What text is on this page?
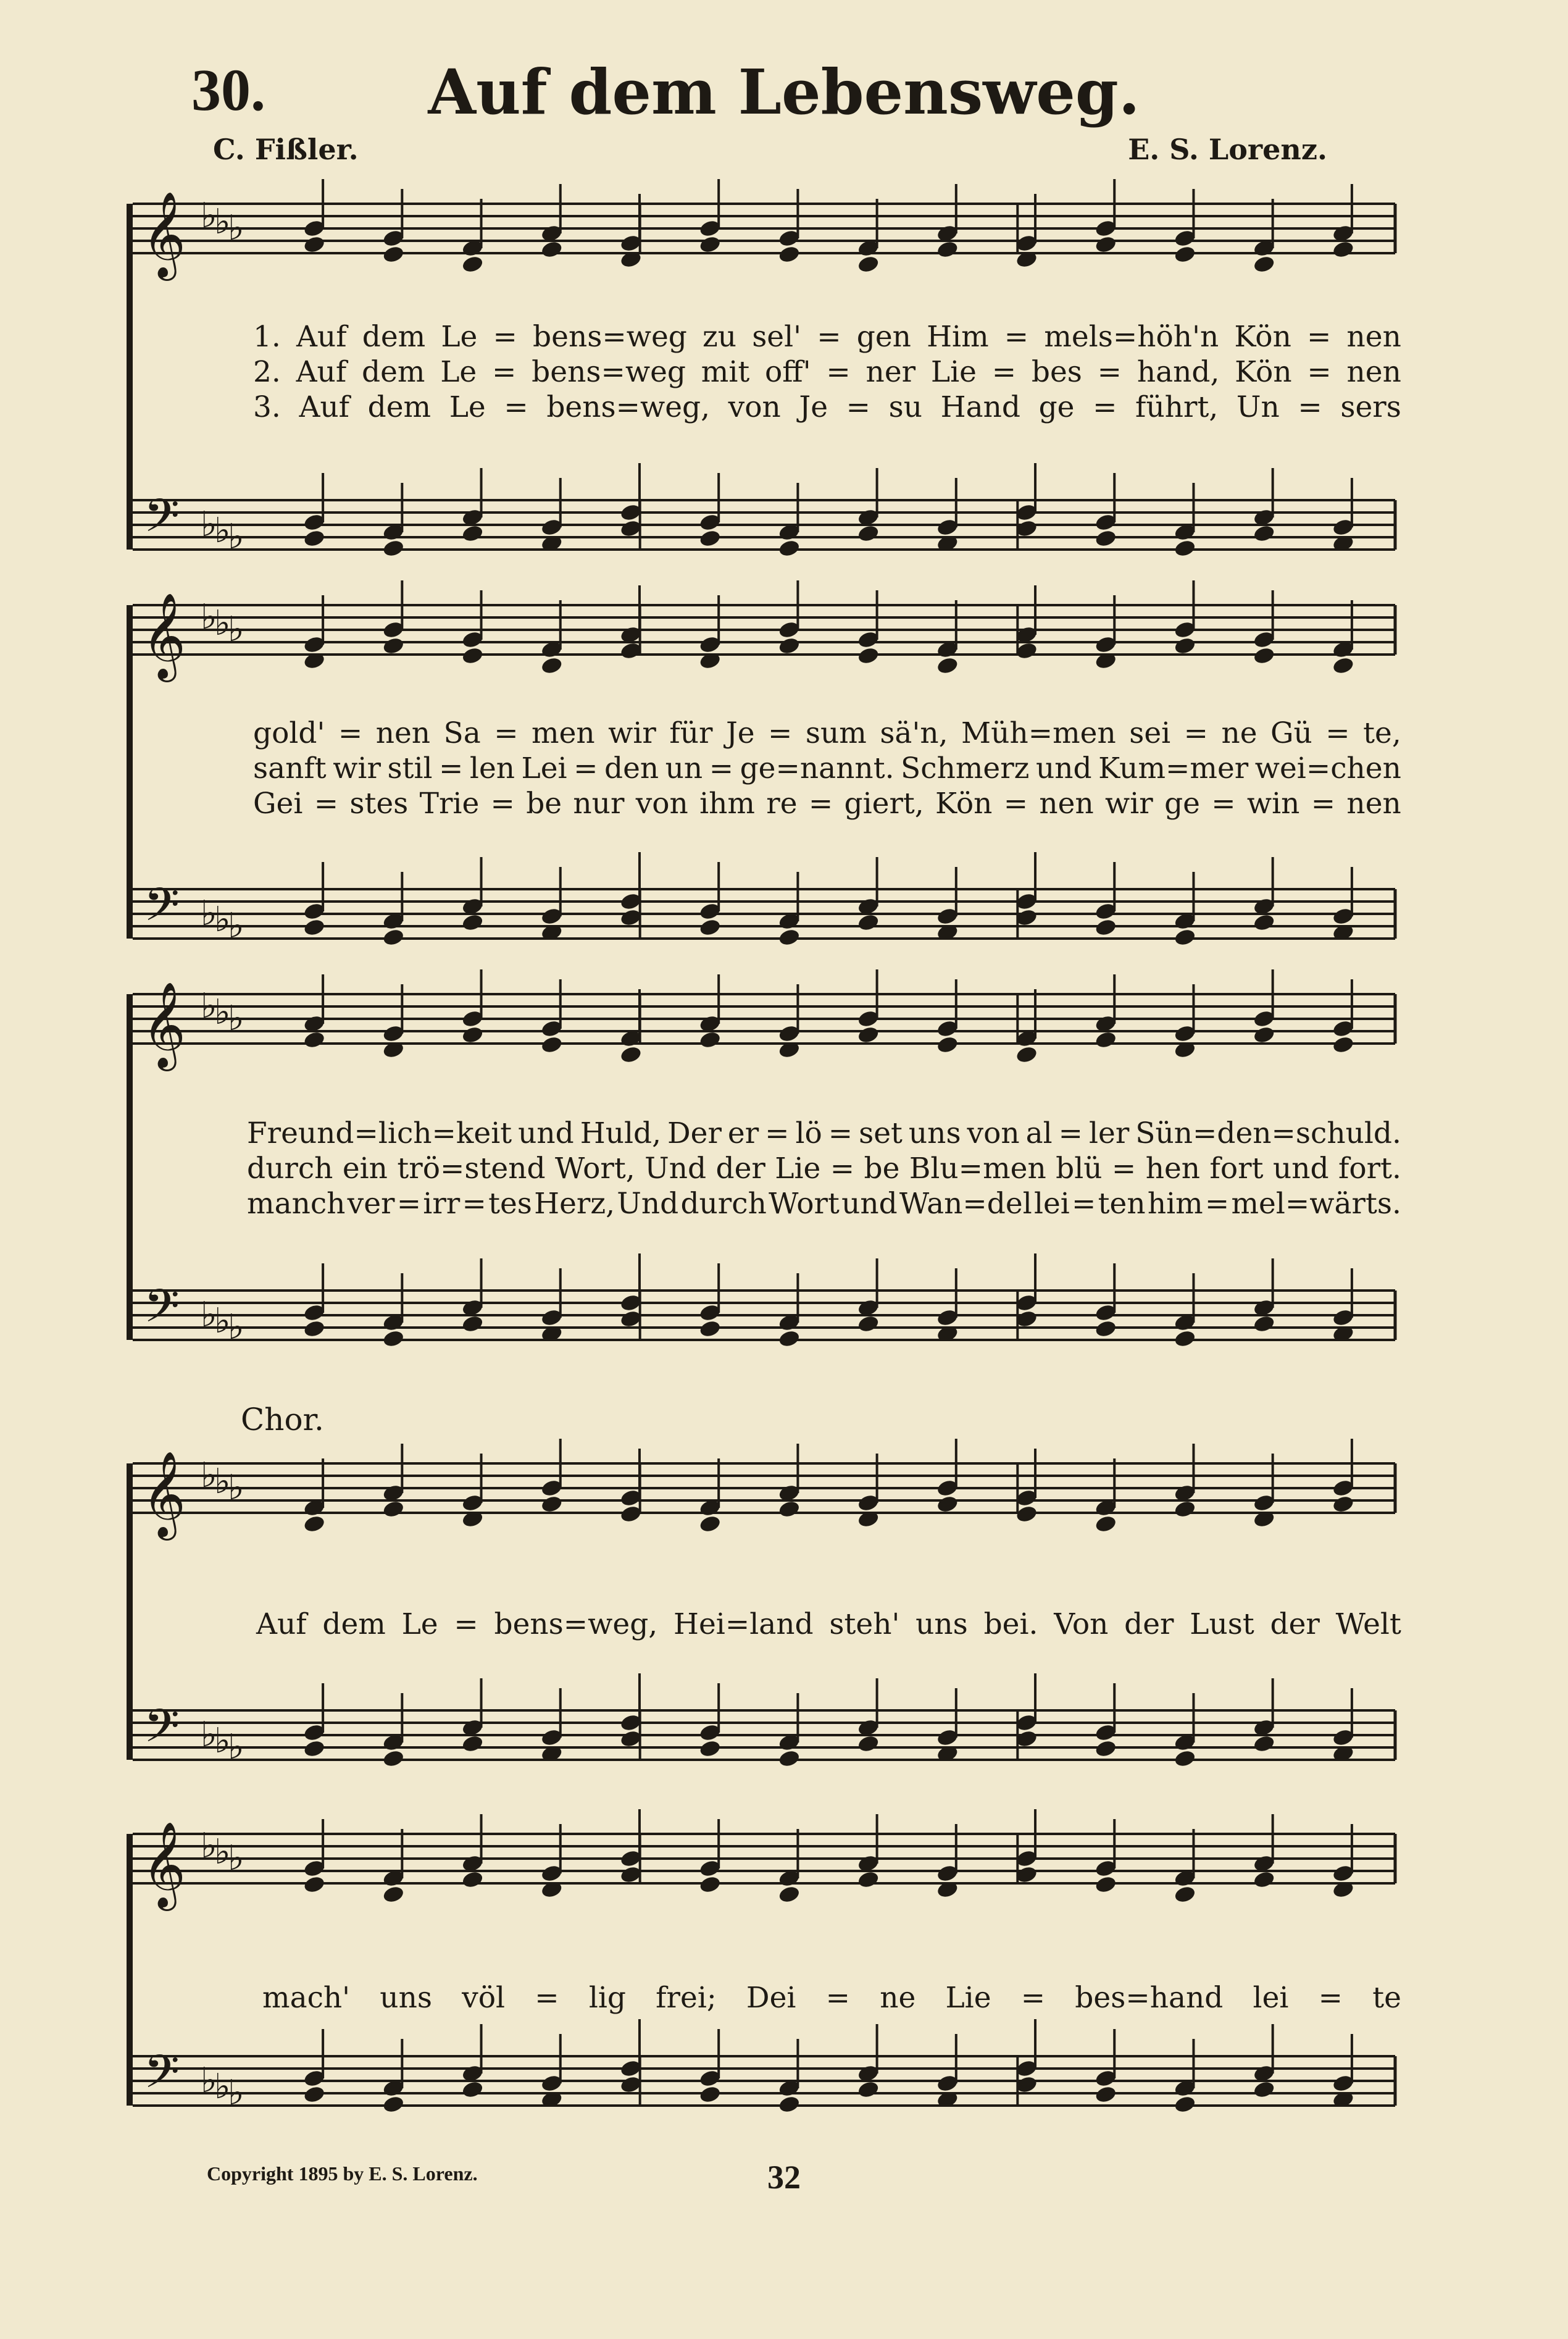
30.	Auf dem Lebensweg.
C. Fißler.	E. S. Lorenz.
𝄞
𝄢
♭
♭
♭
♭
♭
♭
𝄞
𝄢
♭
♭
♭
♭
♭
♭
𝄞
𝄢
♭
♭
♭
♭
♭
♭
Chor.
𝄞
𝄢
♭
♭
♭
♭
♭
♭
𝄞
𝄢
♭
♭
♭
♭
♭
♭
1. Auf dem Le = bens=weg zu sel' = gen Him = mels=höh'n Kön = nen
2. Auf dem Le = bens=weg mit off' = ner Lie = bes = hand, Kön = nen
3. Auf dem Le = bens=weg, von Je = su Hand ge = führt, Un = sers
gold' = nen Sa = men wir für Je = sum sä'n, Müh=men sei = ne Gü = te,
sanft wir stil = len Lei = den un = ge=nannt. Schmerz und Kum=mer wei=chen
Gei = stes Trie = be nur von ihm re = giert, Kön = nen wir ge = win = nen
Freund=lich=keit und Huld, Der er = lö = set uns von al = ler Sün=den=schuld.
durch ein trö=stend Wort, Und der Lie = be Blu=men blü = hen fort und fort.
manch ver = irr = tes Herz, Und durch Wort und Wan=del lei = ten him = mel=wärts.
Auf dem Le = bens=weg, Hei=land steh' uns bei. Von der Lust der Welt
mach' uns völ = lig frei; Dei = ne Lie = bes=hand lei = te
Copyright 1895 by E. S. Lorenz.	32
